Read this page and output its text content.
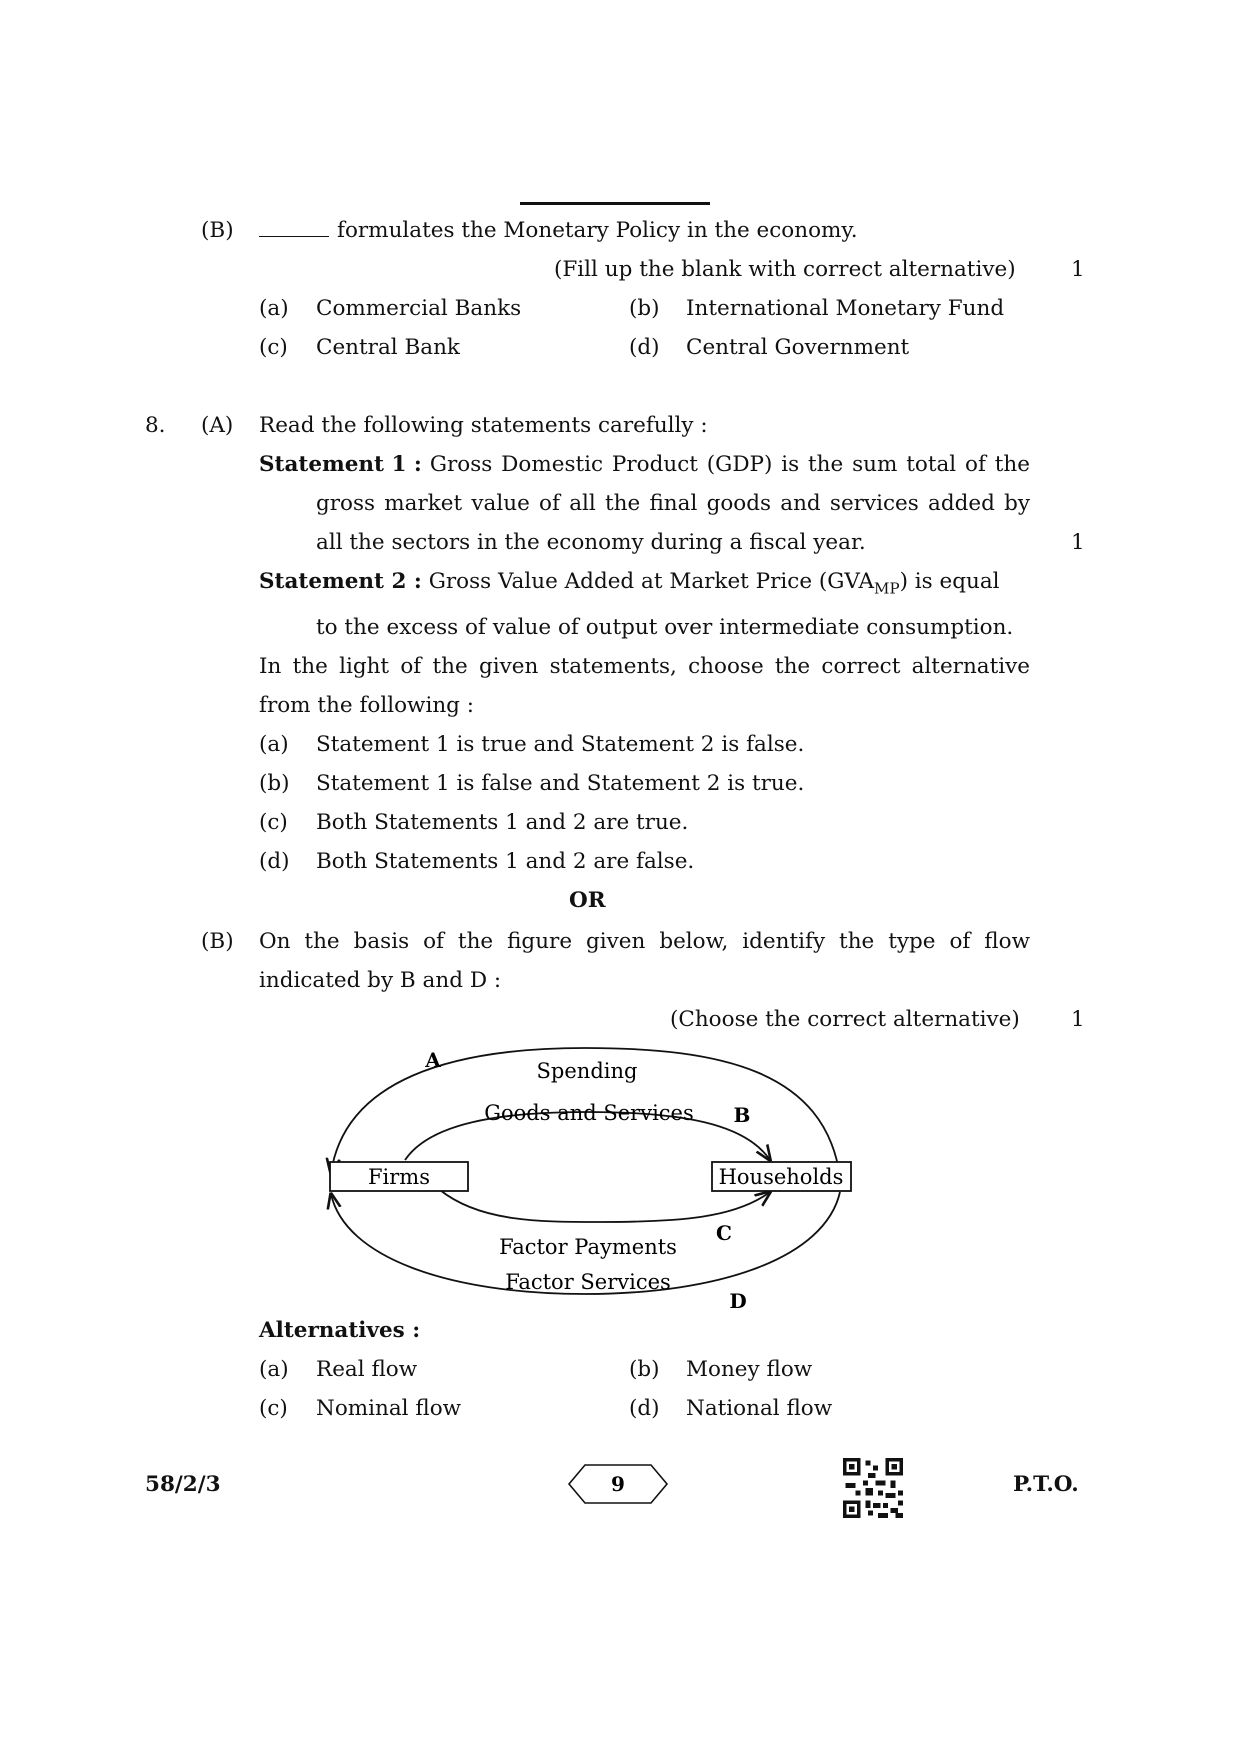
(B)	formulates the Monetary Policy in the economy.
(Fill up the blank with correct alternative)	1
(a) Commercial Banks	(b) International Monetary Fund
(c) Central Bank	(d) Central Government
8. (A) Read the following statements carefully :
Statement 1 : Gross Domestic Product (GDP) is the sum total of the
gross market value of all the final goods and services added by
all the sectors in the economy during a fiscal year.	1
Statement 2 : Gross Value Added at Market Price $(GVA_{MP})$ is equal
to the excess of value of output over intermediate consumption.
In the light of the given statements, choose the correct alternative
from the following :
(a) Statement 1 is true and Statement 2 is false.
(b) Statement 1 is false and Statement 2 is true.
(c) Both Statements 1 and 2 are true.
(d) Both Statements 1 and 2 are false.
OR
(B) On the basis of the figure given below, identify the type of flow
indicated by B and D :
(Choose the correct alternative) 1
Firms	Households
Spending
Goods and Services
Factor Payments
Factor Services
A
B
C
D
Alternatives :
(a) Real flow	(b) Money flow
(c) Nominal flow	(d) National flow
58/2/3	9	P.T.O.
